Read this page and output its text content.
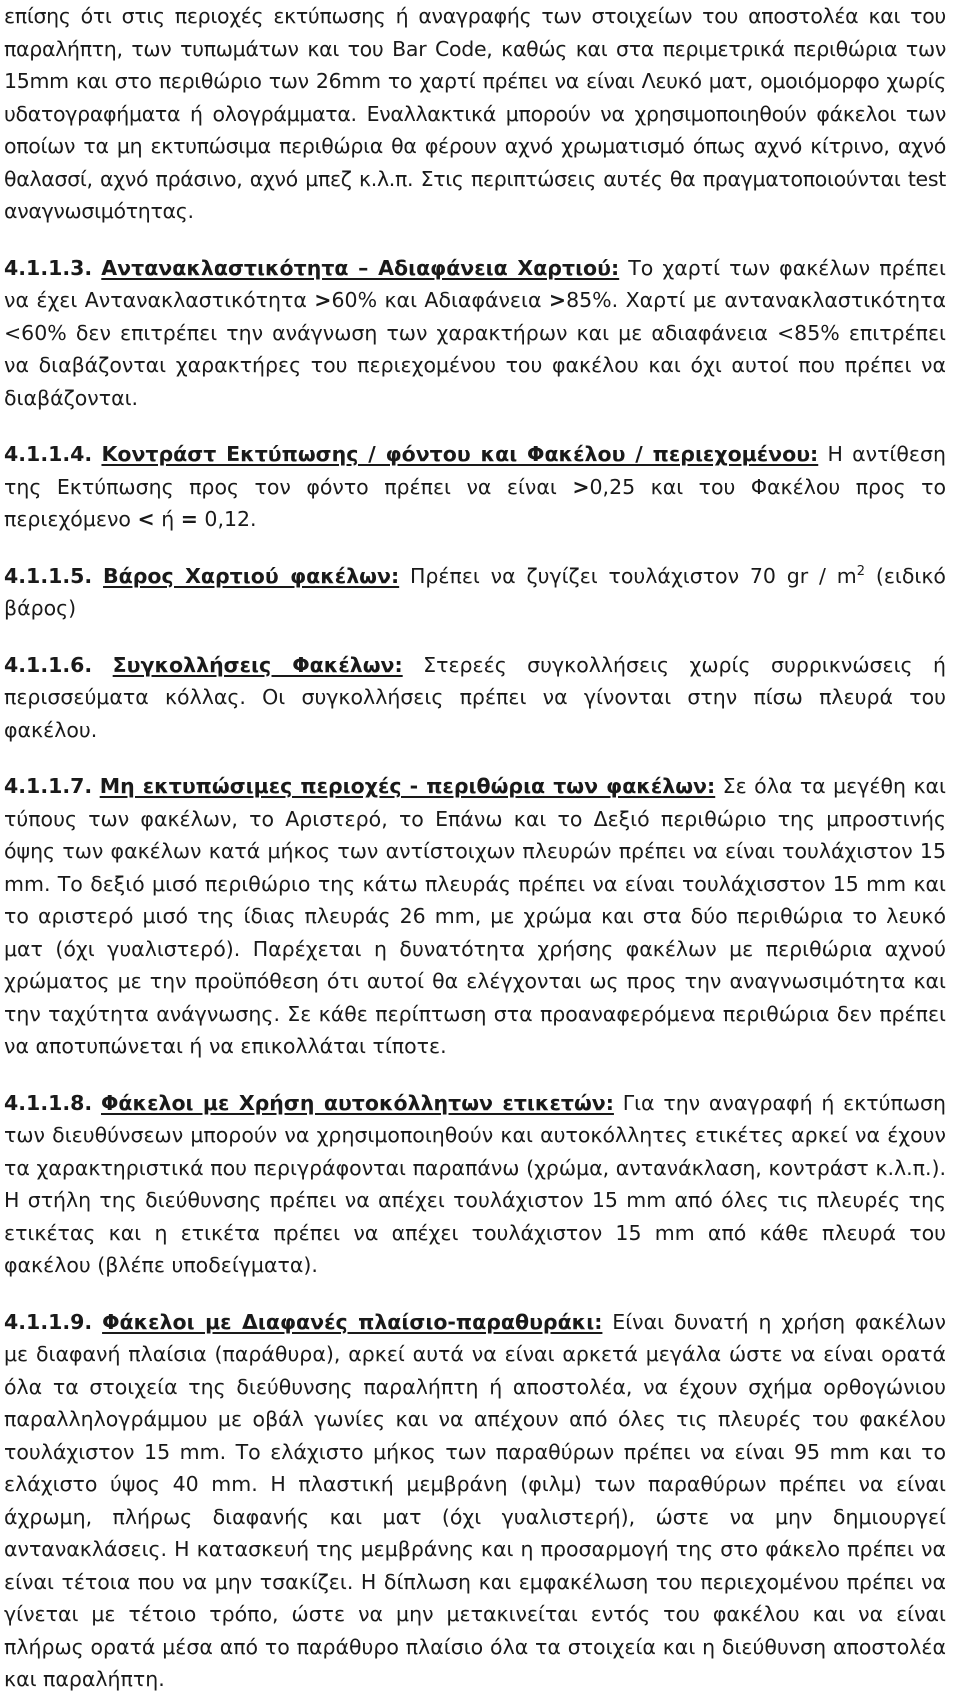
επίσης ότι στις περιοχές εκτύπωσης ή αναγραφής των στοιχείων του αποστολέα και του παραλήπτη, των τυπωμάτων και του Bar Code, καθώς και στα περιμετρικά περιθώρια των 15mm και στο περιθώριο των 26mm το χαρτί πρέπει να είναι Λευκό ματ, ομοιόμορφο χωρίς υδατογραφήματα ή ολογράμματα. Εναλλακτικά μπορούν να χρησιμοποιηθούν φάκελοι των οποίων τα μη εκτυπώσιμα περιθώρια θα φέρουν αχνό χρωματισμό όπως αχνό κίτρινο, αχνό θαλασσί, αχνό πράσινο, αχνό μπεζ κ.λ.π. Στις περιπτώσεις αυτές θα πραγματοποιούνται test αναγνωσιμότητας.

4.1.1.3. Αντανακλαστικότητα – Αδιαφάνεια Χαρτιού: Το χαρτί των φακέλων πρέπει να έχει Αντανακλαστικότητα >60% και Αδιαφάνεια >85%. Χαρτί με αντανακλαστικότητα <60% δεν επιτρέπει την ανάγνωση των χαρακτήρων και με αδιαφάνεια <85% επιτρέπει να διαβάζονται χαρακτήρες του περιεχομένου του φακέλου και όχι αυτοί που πρέπει να διαβάζονται.

4.1.1.4. Κοντράστ Εκτύπωσης / φόντου και Φακέλου / περιεχομένου: Η αντίθεση της Εκτύπωσης προς τον φόντο πρέπει να είναι >0,25 και του Φακέλου προς το περιεχόμενο < ή = 0,12.

4.1.1.5. Βάρος Χαρτιού φακέλων: Πρέπει να ζυγίζει τουλάχιστον 70 gr / $m^2$ (ειδικό βάρος)

4.1.1.6. Συγκολλήσεις Φακέλων: Στερεές συγκολλήσεις χωρίς συρρικνώσεις ή περισσεύματα κόλλας. Οι συγκολλήσεις πρέπει να γίνονται στην πίσω πλευρά του φακέλου.

4.1.1.7. Μη εκτυπώσιμες περιοχές - περιθώρια των φακέλων: Σε όλα τα μεγέθη και τύπους των φακέλων, το Αριστερό, το Επάνω και το Δεξιό περιθώριο της μπροστινής όψης των φακέλων κατά μήκος των αντίστοιχων πλευρών πρέπει να είναι τουλάχιστον 15 mm. Το δεξιό μισό περιθώριο της κάτω πλευράς πρέπει να είναι τουλάχισστον 15 mm και το αριστερό μισό της ίδιας πλευράς 26 mm, με χρώμα και στα δύο περιθώρια το λευκό ματ (όχι γυαλιστερό). Παρέχεται η δυνατότητα χρήσης φακέλων με περιθώρια αχνού χρώματος με την προϋπόθεση ότι αυτοί θα ελέγχονται ως προς την αναγνωσιμότητα και την ταχύτητα ανάγνωσης. Σε κάθε περίπτωση στα προαναφερόμενα περιθώρια δεν πρέπει να αποτυπώνεται ή να επικολλάται τίποτε.

4.1.1.8. Φάκελοι με Χρήση αυτοκόλλητων ετικετών: Για την αναγραφή ή εκτύπωση των διευθύνσεων μπορούν να χρησιμοποιηθούν και αυτοκόλλητες ετικέτες αρκεί να έχουν τα χαρακτηριστικά που περιγράφονται παραπάνω (χρώμα, αντανάκλαση, κοντράστ κ.λ.π.). Η στήλη της διεύθυνσης πρέπει να απέχει τουλάχιστον 15 mm από όλες τις πλευρές της ετικέτας και η ετικέτα πρέπει να απέχει τουλάχιστον 15 mm από κάθε πλευρά του φακέλου (βλέπε υποδείγματα).

4.1.1.9. Φάκελοι με Διαφανές πλαίσιο-παραθυράκι: Είναι δυνατή η χρήση φακέλων με διαφανή πλαίσια (παράθυρα), αρκεί αυτά να είναι αρκετά μεγάλα ώστε να είναι ορατά όλα τα στοιχεία της διεύθυνσης παραλήπτη ή αποστολέα, να έχουν σχήμα ορθογώνιου παραλληλογράμμου με οβάλ γωνίες και να απέχουν από όλες τις πλευρές του φακέλου τουλάχιστον 15 mm. Το ελάχιστο μήκος των παραθύρων πρέπει να είναι 95 mm και το ελάχιστο ύψος 40 mm. Η πλαστική μεμβράνη (φιλμ) των παραθύρων πρέπει να είναι άχρωμη, πλήρως διαφανής και ματ (όχι γυαλιστερή), ώστε να μην δημιουργεί αντανακλάσεις. Η κατασκευή της μεμβράνης και η προσαρμογή της στο φάκελο πρέπει να είναι τέτοια που να μην τσακίζει. Η δίπλωση και εμφακέλωση του περιεχομένου πρέπει να γίνεται με τέτοιο τρόπο, ώστε να μην μετακινείται εντός του φακέλου και να είναι πλήρως ορατά μέσα από το παράθυρο πλαίσιο όλα τα στοιχεία και η διεύθυνση αποστολέα και παραλήπτη.
